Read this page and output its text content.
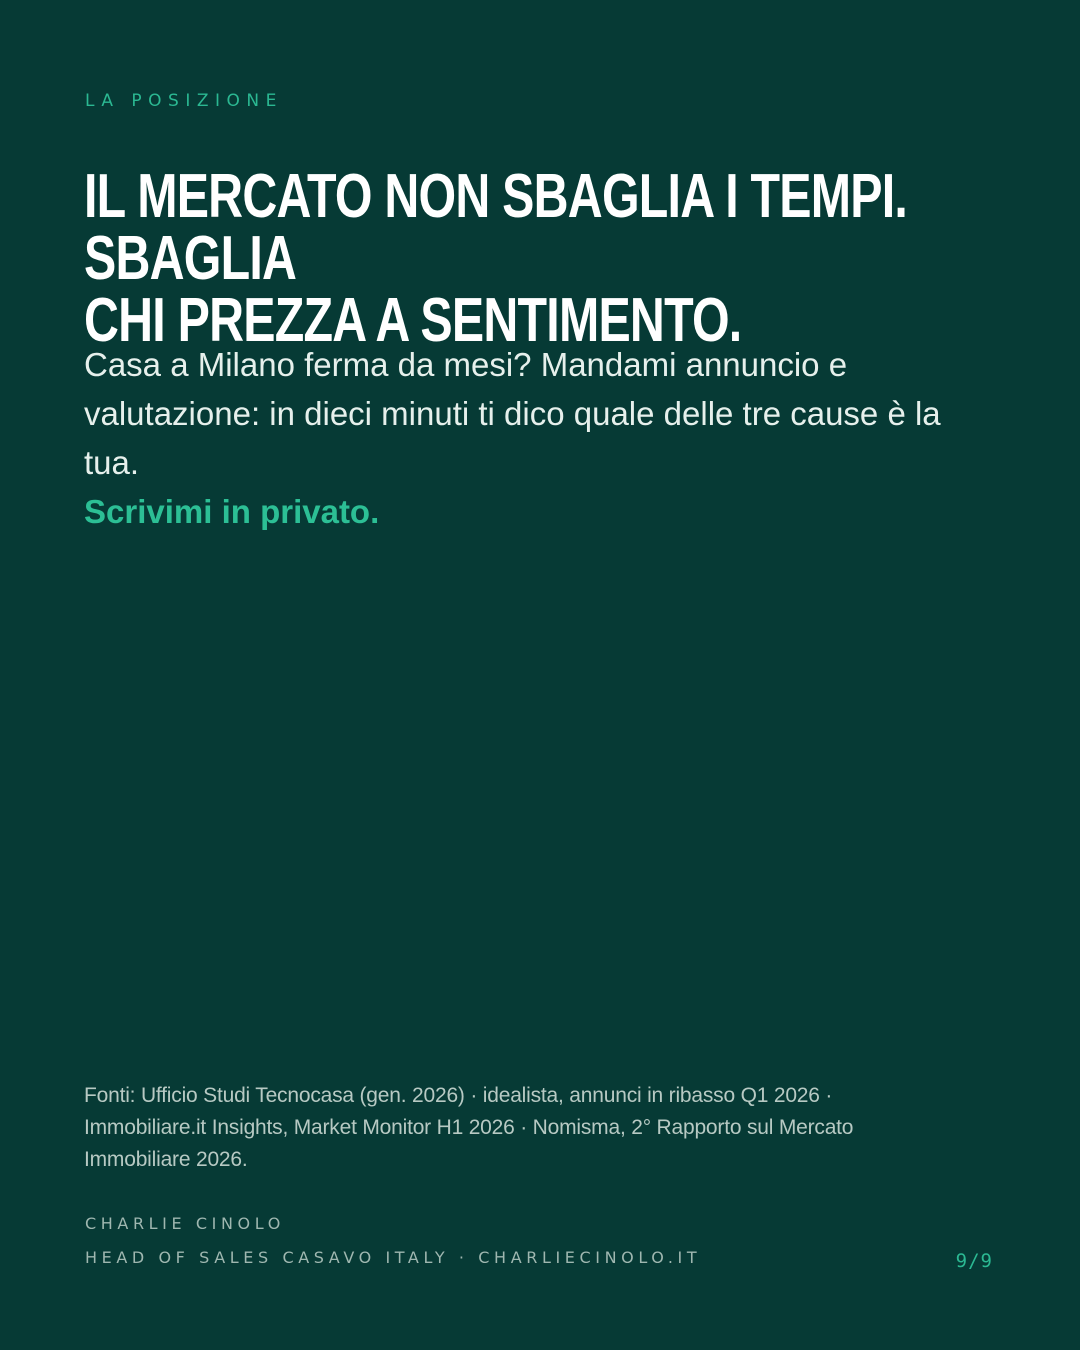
LA POSIZIONE
IL MERCATO NON SBAGLIA I TEMPI. SBAGLIA
CHI PREZZA A SENTIMENTO.

Casa a Milano ferma da mesi? Mandami annuncio e valutazione: in dieci minuti ti dico quale delle tre cause è la tua.

Scrivimi in privato.

Fonti: Ufficio Studi Tecnocasa (gen. 2026) · idealista, annunci in ribasso Q1 2026 · Immobiliare.it Insights, Market Monitor H1 2026 · Nomisma, 2° Rapporto sul Mercato Immobiliare 2026.

CHARLIE CINOLO
HEAD OF SALES CASAVO ITALY · CHARLIECINOLO.IT	9/9
